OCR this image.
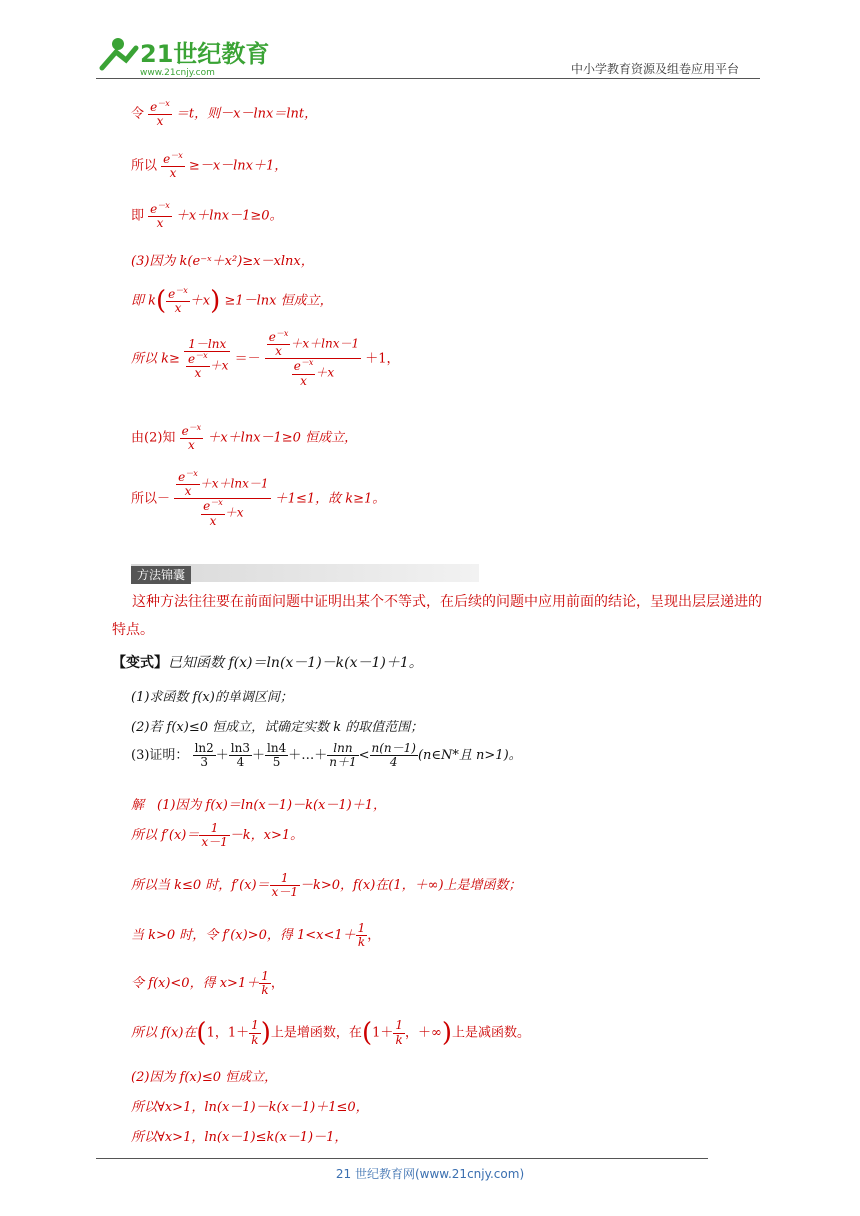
21世纪教育
www.21cnjy.com	中小学教育资源及组卷应用平台
令 $\frac{e^{-x}}{x} =t$，则－x－lnx＝lnt，
所以 $\frac{e^{-x}}{x} \ge-x-\ln x+1$，
即 $\frac{e^{-x}}{x} +x+\ln x-1\ge 0$。
(3)因为 k(e⁻ˣ＋x²)≥x－xlnx，
即 $k( \frac{e^{-x}}{x} +x) \ge 1-\ln x$ 恒成立，
所以 $k\ge \frac{1-\ln x}{\frac{e^{-x}}{x} +x} =- \frac{\frac{e^{-x}}{x} +x+\ln x-1}{\frac{e^{-x}}{x} +x} +1$，
由(2)知 $\frac{e^{-x}}{x} +x+\ln x-1\ge 0$ 恒成立，
所以－ $\frac{\frac{e^{-x}}{x} +x+\ln x-1}{\frac{e^{-x}}{x} +x} +1\le 1$，故 k≥1。
方法锦囊
这种方法往往要在前面问题中证明出某个不等式，在后续的问题中应用前面的结论，呈现出层层递进的特点。
【变式】已知函数 f(x)＝ln(x－1)－k(x－1)＋1。
(1)求函数 f(x)的单调区间；
(2)若 f(x)≤0 恒成立，试确定实数 k 的取值范围；
(3)证明： $\frac{\ln 2}{3} + \frac{\ln 3}{4} + \frac{\ln 4}{5}$ ＋…＋ $\frac{\ln n}{n+1} < \frac{n(n-1)}{4}$ (n∈N*且 n>1)。
解　(1)因为 f(x)＝ln(x－1)－k(x－1)＋1，
所以 $f'(x)= \frac{1}{x-1} -k$，x>1。
所以当 k≤0 时，$f'(x)= \frac{1}{x-1} -k>0$，f(x)在(1，＋∞)上是增函数；
当 k>0 时，令 f′(x)>0，得 $1<x<1+ \frac{1}{k}$ ，
令 f(x)<0，得 $x>1+ \frac{1}{k}$ ，
所以 f(x)在(1，$1+ \frac{1}{k}$ )上是增函数，在($1+ \frac{1}{k}$ ，＋∞)上是减函数。
(2)因为 f(x)≤0 恒成立，
所以∀x>1，ln(x－1)－k(x－1)＋1≤0，
所以∀x>1，ln(x－1)≤k(x－1)－1，
21 世纪教育网(www.21cnjy.com)
